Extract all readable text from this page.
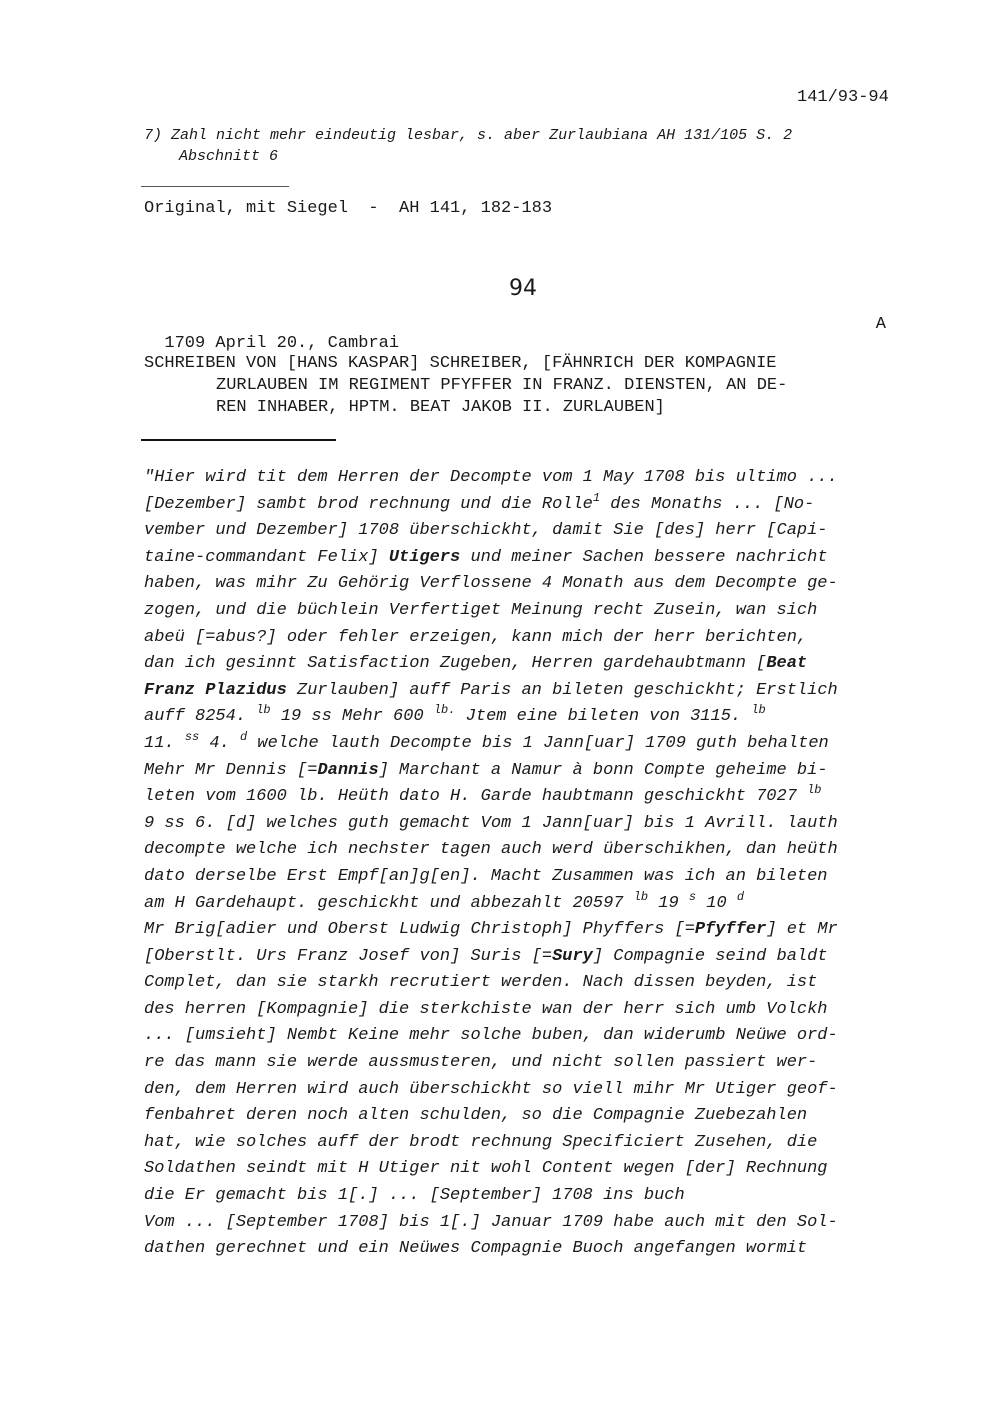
141/93-94
7) Zahl nicht mehr eindeutig lesbar, s. aber Zurlaubiana AH 131/105 S. 2
Abschnitt 6
Original, mit Siegel  -  AH 141, 182-183
94

1709 April 20., Cambrai

A

SCHREIBEN VON [HANS KASPAR] SCHREIBER, [FÄHNRICH DER KOMPAGNIE
ZURLAUBEN IM REGIMENT PFYFFER IN FRANZ. DIENSTEN, AN DE-
REN INHABER, HPTM. BEAT JAKOB II. ZURLAUBEN]
"Hier wird tit dem Herren der Decompte vom 1 May 1708 bis ultimo ...
[Dezember] sambt brod rechnung und die Rolle$^1$ des Monaths ... [No-
vember und Dezember] 1708 überschickht, damit Sie [des] herr [Capi-
taine-commandant Felix] Utigers und meiner Sachen bessere nachricht
haben, was mihr Zu Gehörig Verflossene 4 Monath aus dem Decompte ge-
zogen, und die büchlein Verfertiget Meinung recht Zusein, wan sich
abeü [=abus?] oder fehler erzeigen, kann mich der herr berichten,
dan ich gesinnt Satisfaction Zugeben, Herren gardehaubtmann [Beat
Franz Plazidus Zurlauben] auff Paris an bileten geschickht; Erstlich
auff 8254. $^{lb}$ 19 ss Mehr 600 $^{lb.}$ Jtem eine bileten von 3115. $^{lb}$
11. $^{ss}$ 4. $^d$ welche lauth Decompte bis 1 Jann[uar] 1709 guth behalten
Mehr Mr Dennis [=Dannis] Marchant a Namur à bonn Compte geheime bi-
leten vom 1600 lb. Heüth dato H. Garde haubtmann geschickht 7027 $^{lb}$
9 ss 6. [d] welches guth gemacht Vom 1 Jann[uar] bis 1 Avrill. lauth
decompte welche ich nechster tagen auch werd überschikhen, dan heüth
dato derselbe Erst Empf[an]g[en]. Macht Zusammen was ich an bileten
am H Gardehaupt. geschickht und abbezahlt 20597 $^{lb}$ 19 $^s$ 10 $^d$
Mr Brig[adier und Oberst Ludwig Christoph] Phyffers [=Pfyffer] et Mr
[Oberstlt. Urs Franz Josef von] Suris [=Sury] Compagnie seind baldt
Complet, dan sie starkh recrutiert werden. Nach dissen beyden, ist
des herren [Kompagnie] die sterkchiste wan der herr sich umb Volckh
... [umsieht] Nembt Keine mehr solche buben, dan widerumb Neüwe ord-
re das mann sie werde aussmusteren, und nicht sollen passiert wer-
den, dem Herren wird auch überschickht so viell mihr Mr Utiger geof-
fenbahret deren noch alten schulden, so die Compagnie Zuebezahlen
hat, wie solches auff der brodt rechnung Specificiert Zusehen, die
Soldathen seindt mit H Utiger nit wohl Content wegen [der] Rechnung
die Er gemacht bis 1[.] ... [September] 1708 ins buch
Vom ... [September 1708] bis 1[.] Januar 1709 habe auch mit den Sol-
dathen gerechnet und ein Neüwes Compagnie Buoch angefangen wormit
